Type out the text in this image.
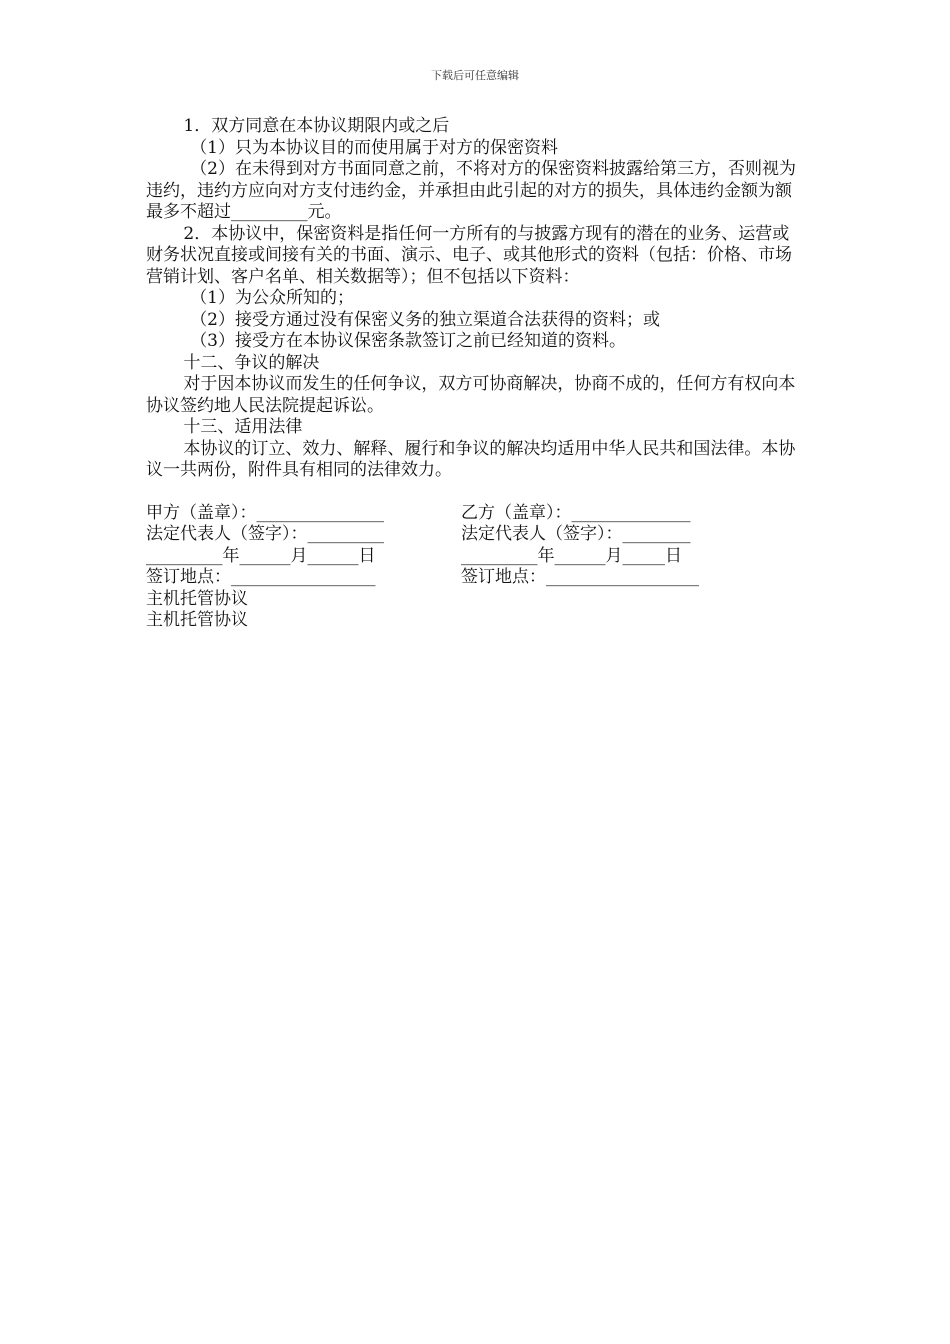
下载后可任意编辑

1．双方同意在本协议期限内或之后

（1）只为本协议目的而使用属于对方的保密资料

（2）在未得到对方书面同意之前，不将对方的保密资料披露给第三方，否则视为违约，违约方应向对方支付违约金，并承担由此引起的对方的损失，具体违约金额为额最多不超过_________元。

2．本协议中，保密资料是指任何一方所有的与披露方现有的潜在的业务、运营或财务状况直接或间接有关的书面、演示、电子、或其他形式的资料（包括：价格、市场营销计划、客户名单、相关数据等）；但不包括以下资料：

（1）为公众所知的；

（2）接受方通过没有保密义务的独立渠道合法获得的资料；或

（3）接受方在本协议保密条款签订之前已经知道的资料。

十二、争议的解决

对于因本协议而发生的任何争议，双方可协商解决，协商不成的，任何方有权向本协议签约地人民法院提起诉讼。

十三、适用法律

本协议的订立、效力、解释、履行和争议的解决均适用中华人民共和国法律。本协议一共两份，附件具有相同的法律效力。

甲方（盖章）：_______________	乙方（盖章）：______________
法定代表人（签字）：_________	法定代表人（签字）：________
_________年______月______日	_________年______月_____日
签订地点：_________________	签订地点：__________________

主机托管协议

主机托管协议
